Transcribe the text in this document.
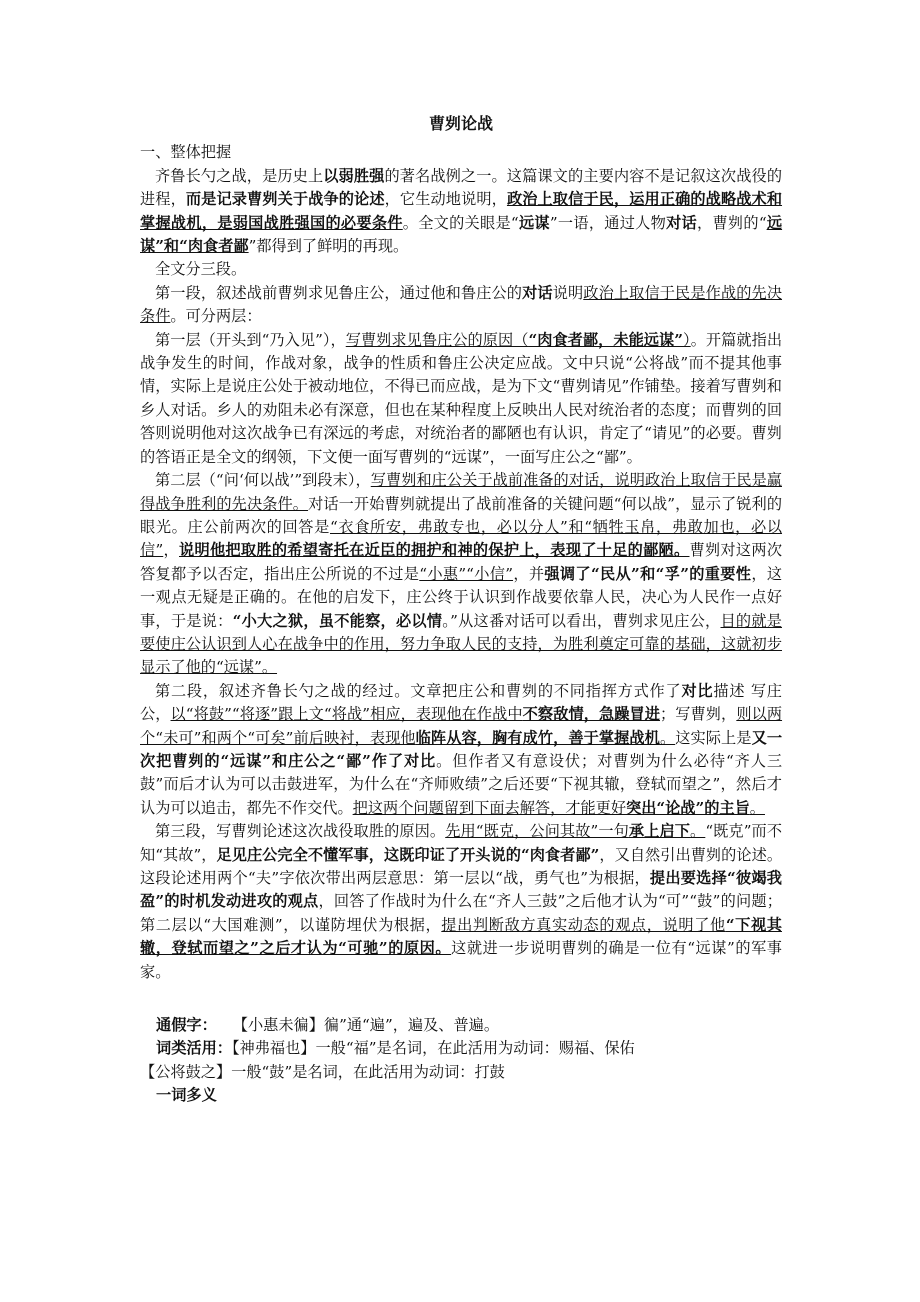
曹刿论战

一、整体把握

齐鲁长勺之战，是历史上以弱胜强的著名战例之一。这篇课文的主要内容不是记叙这次战役的进程，而是记录曹刿关于战争的论述，它生动地说明，政治上取信于民，运用正确的战略战术和掌握战机，是弱国战胜强国的必要条件。全文的关眼是“远谋”一语，通过人物对话，曹刿的“远谋”和“肉食者鄙”都得到了鲜明的再现。

全文分三段。

第一段，叙述战前曹刿求见鲁庄公，通过他和鲁庄公的对话说明政治上取信于民是作战的先决条件。可分两层：

第一层（开头到“乃入见”），写曹刿求见鲁庄公的原因（“肉食者鄙，未能远谋”）。开篇就指出战争发生的时间，作战对象，战争的性质和鲁庄公决定应战。文中只说“公将战”而不提其他事情，实际上是说庄公处于被动地位，不得已而应战，是为下文“曹刿请见”作铺垫。接着写曹刿和乡人对话。乡人的劝阻未必有深意，但也在某种程度上反映出人民对统治者的态度；而曹刿的回答则说明他对这次战争已有深远的考虑，对统治者的鄙陋也有认识，肯定了“请见”的必要。曹刿的答语正是全文的纲领，下文便一面写曹刿的“远谋”，一面写庄公之“鄙”。

第二层（“问‘何以战’”到段末），写曹刿和庄公关于战前准备的对话，说明政治上取信于民是赢得战争胜利的先决条件。对话一开始曹刿就提出了战前准备的关键问题“何以战”，显示了锐利的眼光。庄公前两次的回答是“衣食所安，弗敢专也，必以分人”和“牺牲玉帛，弗敢加也，必以信”，说明他把取胜的希望寄托在近臣的拥护和神的保护上，表现了十足的鄙陋。曹刿对这两次答复都予以否定，指出庄公所说的不过是“小惠”“小信”，并强调了“民从”和“孚”的重要性，这一观点无疑是正确的。在他的启发下，庄公终于认识到作战要依靠人民，决心为人民作一点好事，于是说：“小大之狱，虽不能察，必以情。”从这番对话可以看出，曹刿求见庄公，目的就是要使庄公认识到人心在战争中的作用，努力争取人民的支持，为胜利奠定可靠的基础，这就初步显示了他的“远谋”。

第二段，叙述齐鲁长勺之战的经过。文章把庄公和曹刿的不同指挥方式作了对比描述 写庄公，以“将鼓”“将逐”跟上文“将战”相应，表现他在作战中不察敌情，急躁冒进；写曹刿，则以两个“未可”和两个“可矣”前后映衬，表现他临阵从容，胸有成竹，善于掌握战机。这实际上是又一次把曹刿的“远谋”和庄公之“鄙”作了对比。但作者又有意设伏；对曹刿为什么必待“齐人三鼓”而后才认为可以击鼓进军，为什么在“齐师败绩”之后还要“下视其辙，登轼而望之”，然后才认为可以追击，都先不作交代。把这两个问题留到下面去解答，才能更好突出“论战”的主旨。

第三段，写曹刿论述这次战役取胜的原因。先用“既克，公问其故”一句承上启下。“既克”而不知“其故”，足见庄公完全不懂军事，这既印证了开头说的“肉食者鄙”，又自然引出曹刿的论述。这段论述用两个“夫”字依次带出两层意思：第一层以“战，勇气也”为根据，提出要选择“彼竭我盈”的时机发动进攻的观点，回答了作战时为什么在“齐人三鼓”之后他才认为“可”“鼓”的问题；第二层以“大国难测”，以谨防埋伏为根据，提出判断敌方真实动态的观点，说明了他“下视其辙，登轼而望之”之后才认为“可驰”的原因。这就进一步说明曹刿的确是一位有“远谋”的军事家。

通假字： 【小惠未徧】徧”通“遍”，遍及、普遍。

词类活用：【神弗福也】一般“福”是名词，在此活用为动词：赐福、保佑

【公将鼓之】一般“鼓”是名词，在此活用为动词：打鼓

一词多义
